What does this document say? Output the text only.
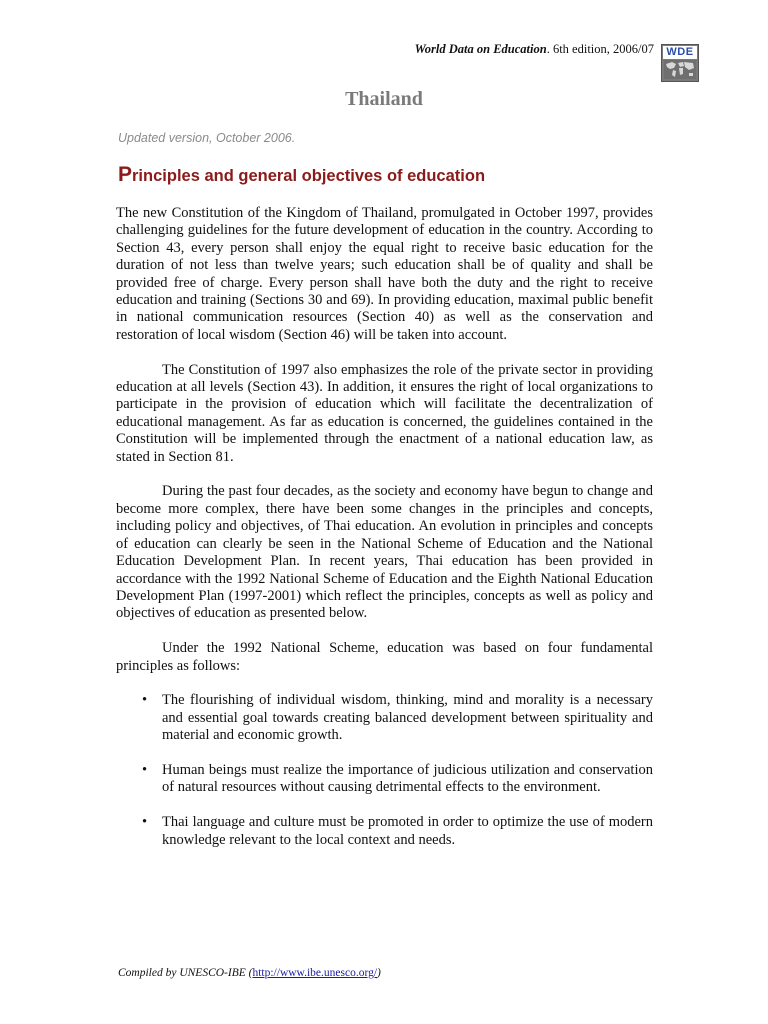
World Data on Education. 6th edition, 2006/07	WDE
Thailand
Updated version, October 2006.
Principles and general objectives of education

The new Constitution of the Kingdom of Thailand, promulgated in October 1997, provides challenging guidelines for the future development of education in the country. According to Section 43, every person shall enjoy the equal right to receive basic education for the duration of not less than twelve years; such education shall be of quality and shall be provided free of charge. Every person shall have both the duty and the right to receive education and training (Sections 30 and 69). In providing education, maximal public benefit in national communication resources (Section 40) as well as the conservation and restoration of local wisdom (Section 46) will be taken into account.

The Constitution of 1997 also emphasizes the role of the private sector in providing education at all levels (Section 43). In addition, it ensures the right of local organizations to participate in the provision of education which will facilitate the decentralization of educational management. As far as education is concerned, the guidelines contained in the Constitution will be implemented through the enactment of a national education law, as stated in Section 81.

During the past four decades, as the society and economy have begun to change and become more complex, there have been some changes in the principles and concepts, including policy and objectives, of Thai education. An evolution in principles and concepts of education can clearly be seen in the National Scheme of Education and the National Education Development Plan. In recent years, Thai education has been provided in accordance with the 1992 National Scheme of Education and the Eighth National Education Development Plan (1997-2001) which reflect the principles, concepts as well as policy and objectives of education as presented below.

Under the 1992 National Scheme, education was based on four fundamental principles as follows:

• The flourishing of individual wisdom, thinking, mind and morality is a necessary and essential goal towards creating balanced development between spirituality and material and economic growth.
• Human beings must realize the importance of judicious utilization and conservation of natural resources without causing detrimental effects to the environment.
• Thai language and culture must be promoted in order to optimize the use of modern knowledge relevant to the local context and needs.
Compiled by UNESCO-IBE (http://www.ibe.unesco.org/)
